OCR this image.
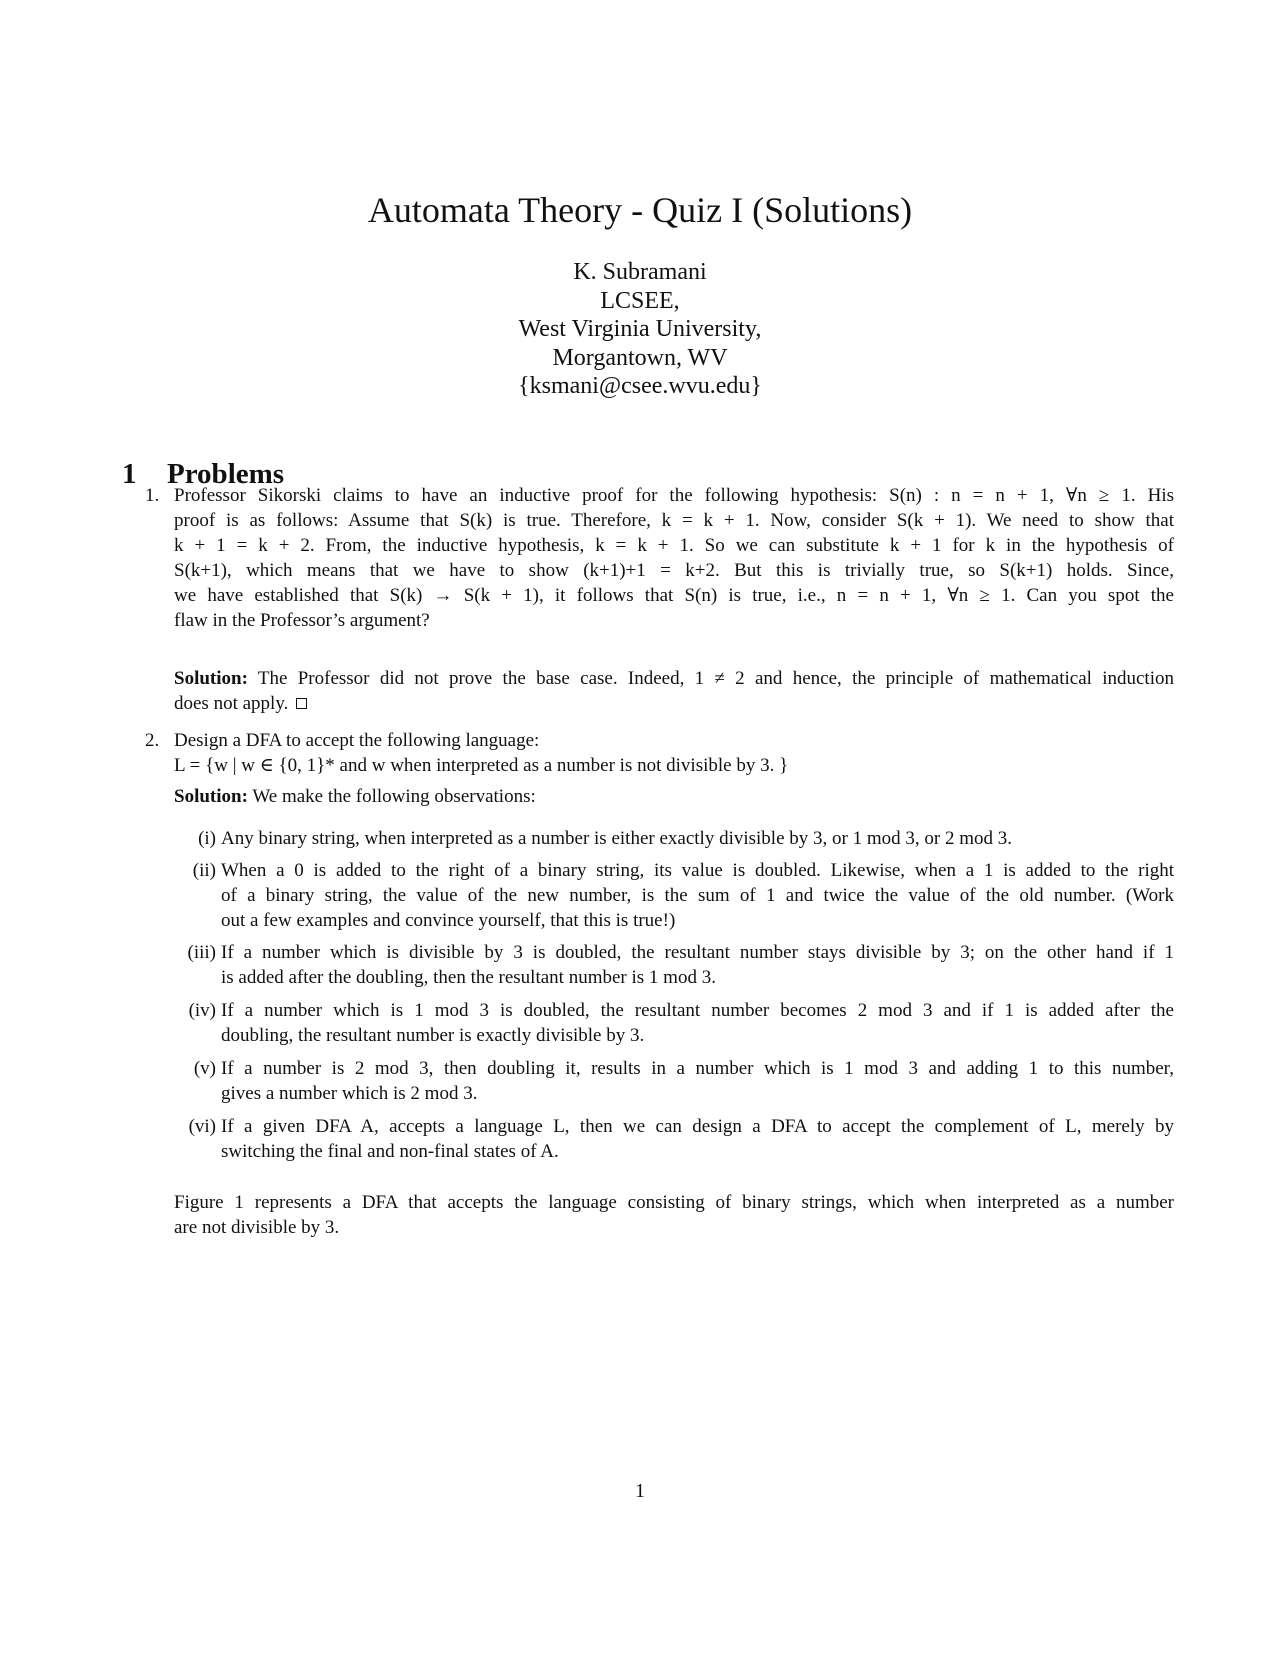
Automata Theory - Quiz I (Solutions)
K. Subramani
LCSEE,
West Virginia University,
Morgantown, WV
{ksmani@csee.wvu.edu}
1 Problems
1. Professor Sikorski claims to have an inductive proof for the following hypothesis: S(n) : n = n + 1, ∀n ≥ 1. His
proof is as follows: Assume that S(k) is true. Therefore, k = k + 1. Now, consider S(k + 1). We need to show that
k + 1 = k + 2. From, the inductive hypothesis, k = k + 1. So we can substitute k + 1 for k in the hypothesis of
S(k+1), which means that we have to show (k+1)+1 = k+2. But this is trivially true, so S(k+1) holds. Since,
we have established that S(k) → S(k + 1), it follows that S(n) is true, i.e., n = n + 1, ∀n ≥ 1. Can you spot the
flaw in the Professor’s argument?
Solution: The Professor did not prove the base case. Indeed, 1 ≠ 2 and hence, the principle of mathematical induction
does not apply.
2. Design a DFA to accept the following language:
L = {w | w ∈ {0, 1}* and w when interpreted as a number is not divisible by 3. }
Solution: We make the following observations:
(i) Any binary string, when interpreted as a number is either exactly divisible by 3, or 1 mod 3, or 2 mod 3.
(ii) When a 0 is added to the right of a binary string, its value is doubled. Likewise, when a 1 is added to the right
of a binary string, the value of the new number, is the sum of 1 and twice the value of the old number. (Work
out a few examples and convince yourself, that this is true!)
(iii) If a number which is divisible by 3 is doubled, the resultant number stays divisible by 3; on the other hand if 1
is added after the doubling, then the resultant number is 1 mod 3.
(iv) If a number which is 1 mod 3 is doubled, the resultant number becomes 2 mod 3 and if 1 is added after the
doubling, the resultant number is exactly divisible by 3.
(v) If a number is 2 mod 3, then doubling it, results in a number which is 1 mod 3 and adding 1 to this number,
gives a number which is 2 mod 3.
(vi) If a given DFA A, accepts a language L, then we can design a DFA to accept the complement of L, merely by
switching the final and non-final states of A.
Figure 1 represents a DFA that accepts the language consisting of binary strings, which when interpreted as a number
are not divisible by 3.
1
